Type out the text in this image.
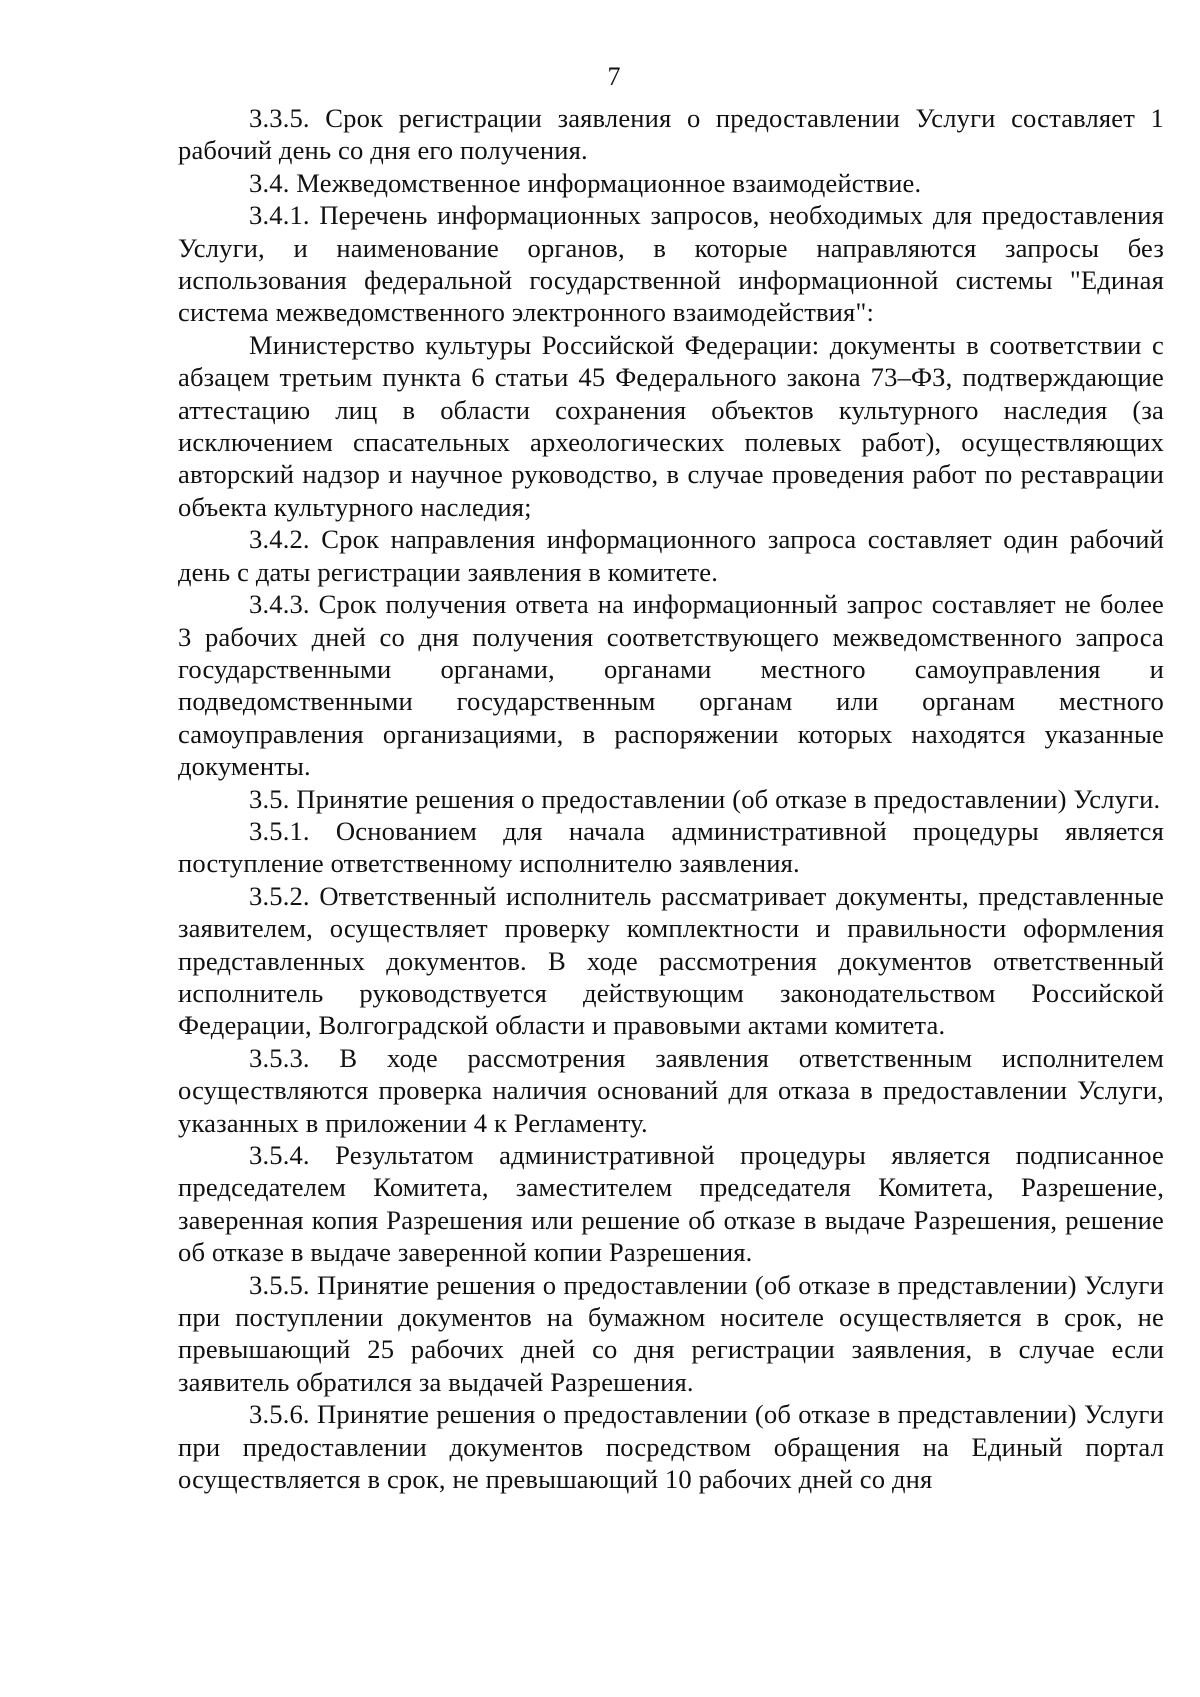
7

3.3.5. Срок регистрации заявления о предоставлении Услуги составляет 1 рабочий день со дня его получения.

3.4. Межведомственное информационное взаимодействие.

3.4.1. Перечень информационных запросов, необходимых для предоставления Услуги, и наименование органов, в которые направляются запросы без использования федеральной государственной информационной системы "Единая система межведомственного электронного взаимодействия":

Министерство культуры Российской Федерации: документы в соответствии с абзацем третьим пункта 6 статьи 45 Федерального закона 73–ФЗ, подтверждающие аттестацию лиц в области сохранения объектов культурного наследия (за исключением спасательных археологических полевых работ), осуществляющих авторский надзор и научное руководство, в случае проведения работ по реставрации объекта культурного наследия;

3.4.2. Срок направления информационного запроса составляет один рабочий день с даты регистрации заявления в комитете.

3.4.3. Срок получения ответа на информационный запрос составляет не более 3 рабочих дней со дня получения соответствующего межведомственного запроса государственными органами, органами местного самоуправления и подведомственными государственным органам или органам местного самоуправления организациями, в распоряжении которых находятся указанные документы.

3.5. Принятие решения о предоставлении (об отказе в предоставлении) Услуги.

3.5.1. Основанием для начала административной процедуры является поступление ответственному исполнителю заявления.

3.5.2. Ответственный исполнитель рассматривает документы, представленные заявителем, осуществляет проверку комплектности и правильности оформления представленных документов. В ходе рассмотрения документов ответственный исполнитель руководствуется действующим законодательством Российской Федерации, Волгоградской области и правовыми актами комитета.

3.5.3. В ходе рассмотрения заявления ответственным исполнителем осуществляются проверка наличия оснований для отказа в предоставлении Услуги, указанных в приложении 4 к Регламенту.

3.5.4. Результатом административной процедуры является подписанное председателем Комитета, заместителем председателя Комитета, Разрешение, заверенная копия Разрешения или решение об отказе в выдаче Разрешения, решение об отказе в выдаче заверенной копии Разрешения.

3.5.5. Принятие решения о предоставлении (об отказе в представлении) Услуги при поступлении документов на бумажном носителе осуществляется в срок, не превышающий 25 рабочих дней со дня регистрации заявления, в случае если заявитель обратился за выдачей Разрешения.

3.5.6. Принятие решения о предоставлении (об отказе в представлении) Услуги при предоставлении документов посредством обращения на Единый портал осуществляется в срок, не превышающий 10 рабочих дней со дня
